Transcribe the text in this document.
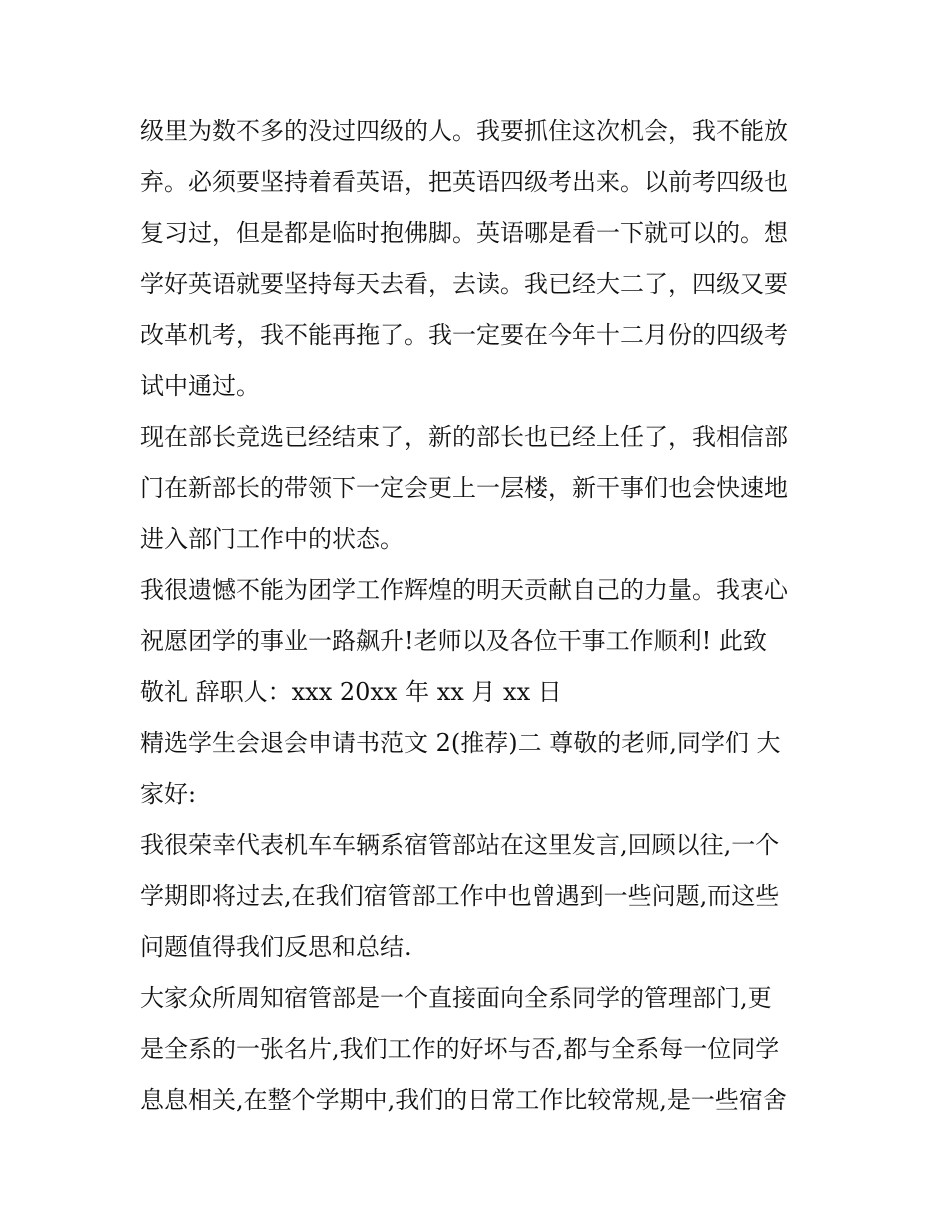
级里为数不多的没过四级的人。我要抓住这次机会，我不能放
弃。必须要坚持着看英语，把英语四级考出来。以前考四级也
复习过，但是都是临时抱佛脚。英语哪是看一下就可以的。想
学好英语就要坚持每天去看，去读。我已经大二了，四级又要
改革机考，我不能再拖了。我一定要在今年十二月份的四级考
试中通过。
现在部长竞选已经结束了，新的部长也已经上任了，我相信部
门在新部长的带领下一定会更上一层楼，新干事们也会快速地
进入部门工作中的状态。
我很遗憾不能为团学工作辉煌的明天贡献自己的力量。我衷心
祝愿团学的事业一路飙升!老师以及各位干事工作顺利! 此致
敬礼 辞职人：xxx 20xx 年 xx 月 xx 日
精选学生会退会申请书范文 2(推荐)二 尊敬的老师,同学们 大
家好:
我很荣幸代表机车车辆系宿管部站在这里发言,回顾以往,一个
学期即将过去,在我们宿管部工作中也曾遇到一些问题,而这些
问题值得我们反思和总结.
大家众所周知宿管部是一个直接面向全系同学的管理部门,更
是全系的一张名片,我们工作的好坏与否,都与全系每一位同学
息息相关,在整个学期中,我们的日常工作比较常规,是一些宿舍
